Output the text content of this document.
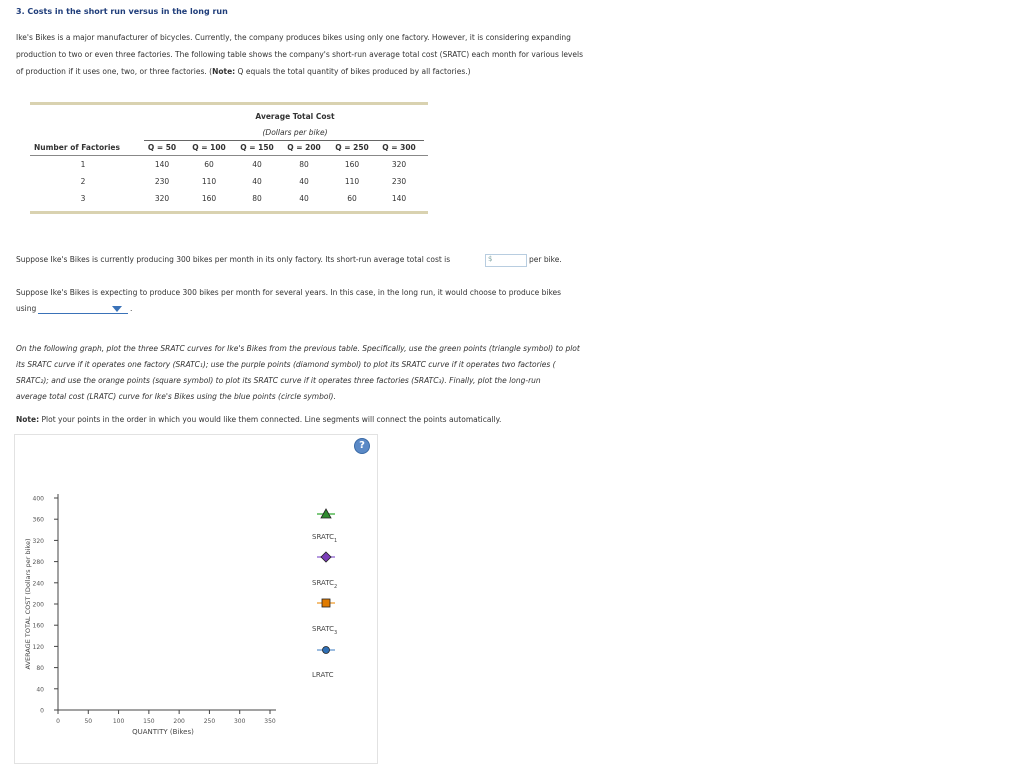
3. Costs in the short run versus in the long run
Ike's Bikes is a major manufacturer of bicycles. Currently, the company produces bikes using only one factory. However, it is considering expanding
production to two or even three factories. The following table shows the company's short-run average total cost (SRATC) each month for various levels
of production if it uses one, two, or three factories. (Note: Q equals the total quantity of bikes produced by all factories.)
Average Total Cost
(Dollars per bike)
Number of Factories	Q = 50	Q = 100	Q = 150	Q = 200	Q = 250	Q = 300
1	140	60	40	80	160	320
2	230	110	40	40	110	230
3	320	160	80	40	60	140
Suppose Ike's Bikes is currently producing 300 bikes per month in its only factory. Its short-run average total cost is	$	per bike.
Suppose Ike's Bikes is expecting to produce 300 bikes per month for several years. In this case, in the long run, it would choose to produce bikes
using	.
On the following graph, plot the three SRATC curves for Ike's Bikes from the previous table. Specifically, use the green points (triangle symbol) to plot
its SRATC curve if it operates one factory (SRATC₁); use the purple points (diamond symbol) to plot its SRATC curve if it operates two factories (
SRATC₂); and use the orange points (square symbol) to plot its SRATC curve if it operates three factories (SRATC₃). Finally, plot the long-run
average total cost (LRATC) curve for Ike's Bikes using the blue points (circle symbol).
Note: Plot your points in the order in which you would like them connected. Line segments will connect the points automatically.
?
0
40
80
120
160
200
240
280
320
360
400
0	50	100	150	200	250	300	350
QUANTITY (Bikes)
AVERAGE TOTAL COST (Dollars per bike)
$SRATC_1$
$SRATC_2$
$SRATC_3$
LRATC
